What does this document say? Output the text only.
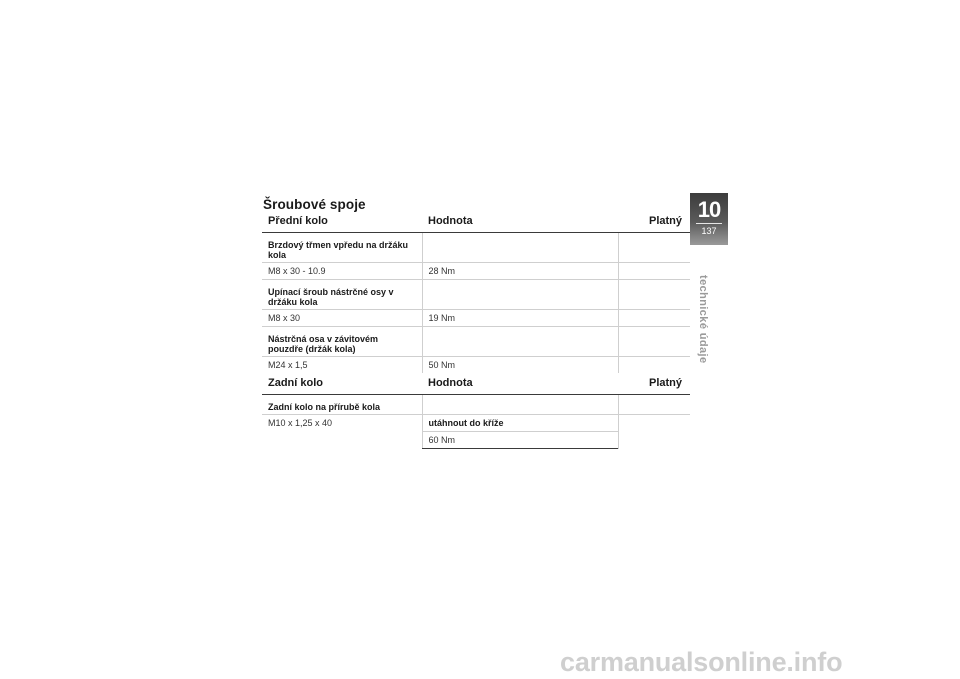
Šroubové spoje
Přední kolo	Hodnota	Platný
Brzdový třmen vpředu na držáku kola		
M8 x 30 - 10.9	28 Nm	
Upínací šroub nástrčné osy v držáku kola		
M8 x 30	19 Nm	
Nástrčná osa v závitovém pouzdře (držák kola)		
M24 x 1,5	50 Nm	
Zadní kolo	Hodnota	Platný
Zadní kolo na přírubě kola		
M10 x 1,25 x 40	utáhnout do kříže	
	60 Nm	
10
137
technické údaje
carmanualsonline.info
